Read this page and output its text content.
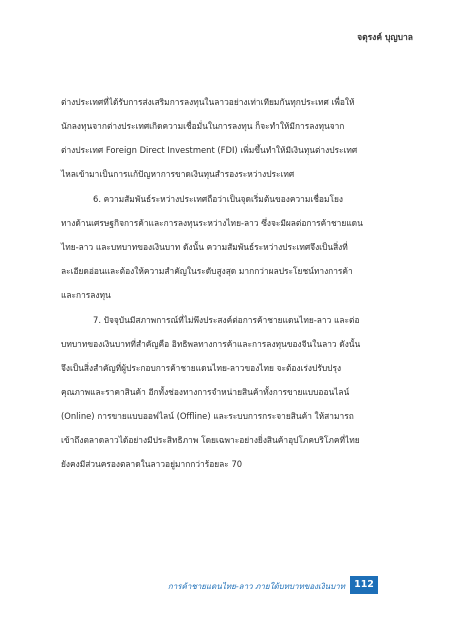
จตุรงค์ บุญบาล
ต่างประเทศที่ได้รับการส่งเสริมการลงทุนในลาวอย่างเท่าเทียมกันทุกประเทศ เพื่อให้
นักลงทุนจากต่างประเทศเกิดความเชื่อมั่นในการลงทุน ก็จะทำให้มีการลงทุนจาก
ต่างประเทศ Foreign Direct Investment (FDI) เพิ่มขึ้นทำให้มีเงินทุนต่างประเทศ
ไหลเข้ามาเป็นการแก้ปัญหาการขาดเงินทุนสำรองระหว่างประเทศ
6. ความสัมพันธ์ระหว่างประเทศถือว่าเป็นจุดเริ่มต้นของความเชื่อมโยง
ทางด้านเศรษฐกิจการค้าและการลงทุนระหว่างไทย-ลาว ซึ่งจะมีผลต่อการค้าชายแดน
ไทย-ลาว และบทบาทของเงินบาท ดังนั้น ความสัมพันธ์ระหว่างประเทศจึงเป็นสิ่งที่
ละเอียดอ่อนและต้องให้ความสำคัญในระดับสูงสุด มากกว่าผลประโยชน์ทางการค้า
และการลงทุน
7. ปัจจุบันมีสภาพการณ์ที่ไม่พึงประสงค์ต่อการค้าชายแดนไทย-ลาว และต่อ
บทบาทของเงินบาทที่สำคัญคือ อิทธิพลทางการค้าและการลงทุนของจีนในลาว ดังนั้น
จึงเป็นสิ่งสำคัญที่ผู้ประกอบการค้าชายแดนไทย-ลาวของไทย จะต้องเร่งปรับปรุง
คุณภาพและราคาสินค้า อีกทั้งช่องทางการจำหน่ายสินค้าทั้งการขายแบบออนไลน์
(Online) การขายแบบออฟไลน์ (Offline) และระบบการกระจายสินค้า ให้สามารถ
เข้าถึงตลาดลาวได้อย่างมีประสิทธิภาพ โดยเฉพาะอย่างยิ่งสินค้าอุปโภคบริโภคที่ไทย
ยังคงมีส่วนครองตลาดในลาวอยู่มากกว่าร้อยละ 70
การค้าชายแดนไทย-ลาว ภายใต้บทบาทของเงินบาท 112
